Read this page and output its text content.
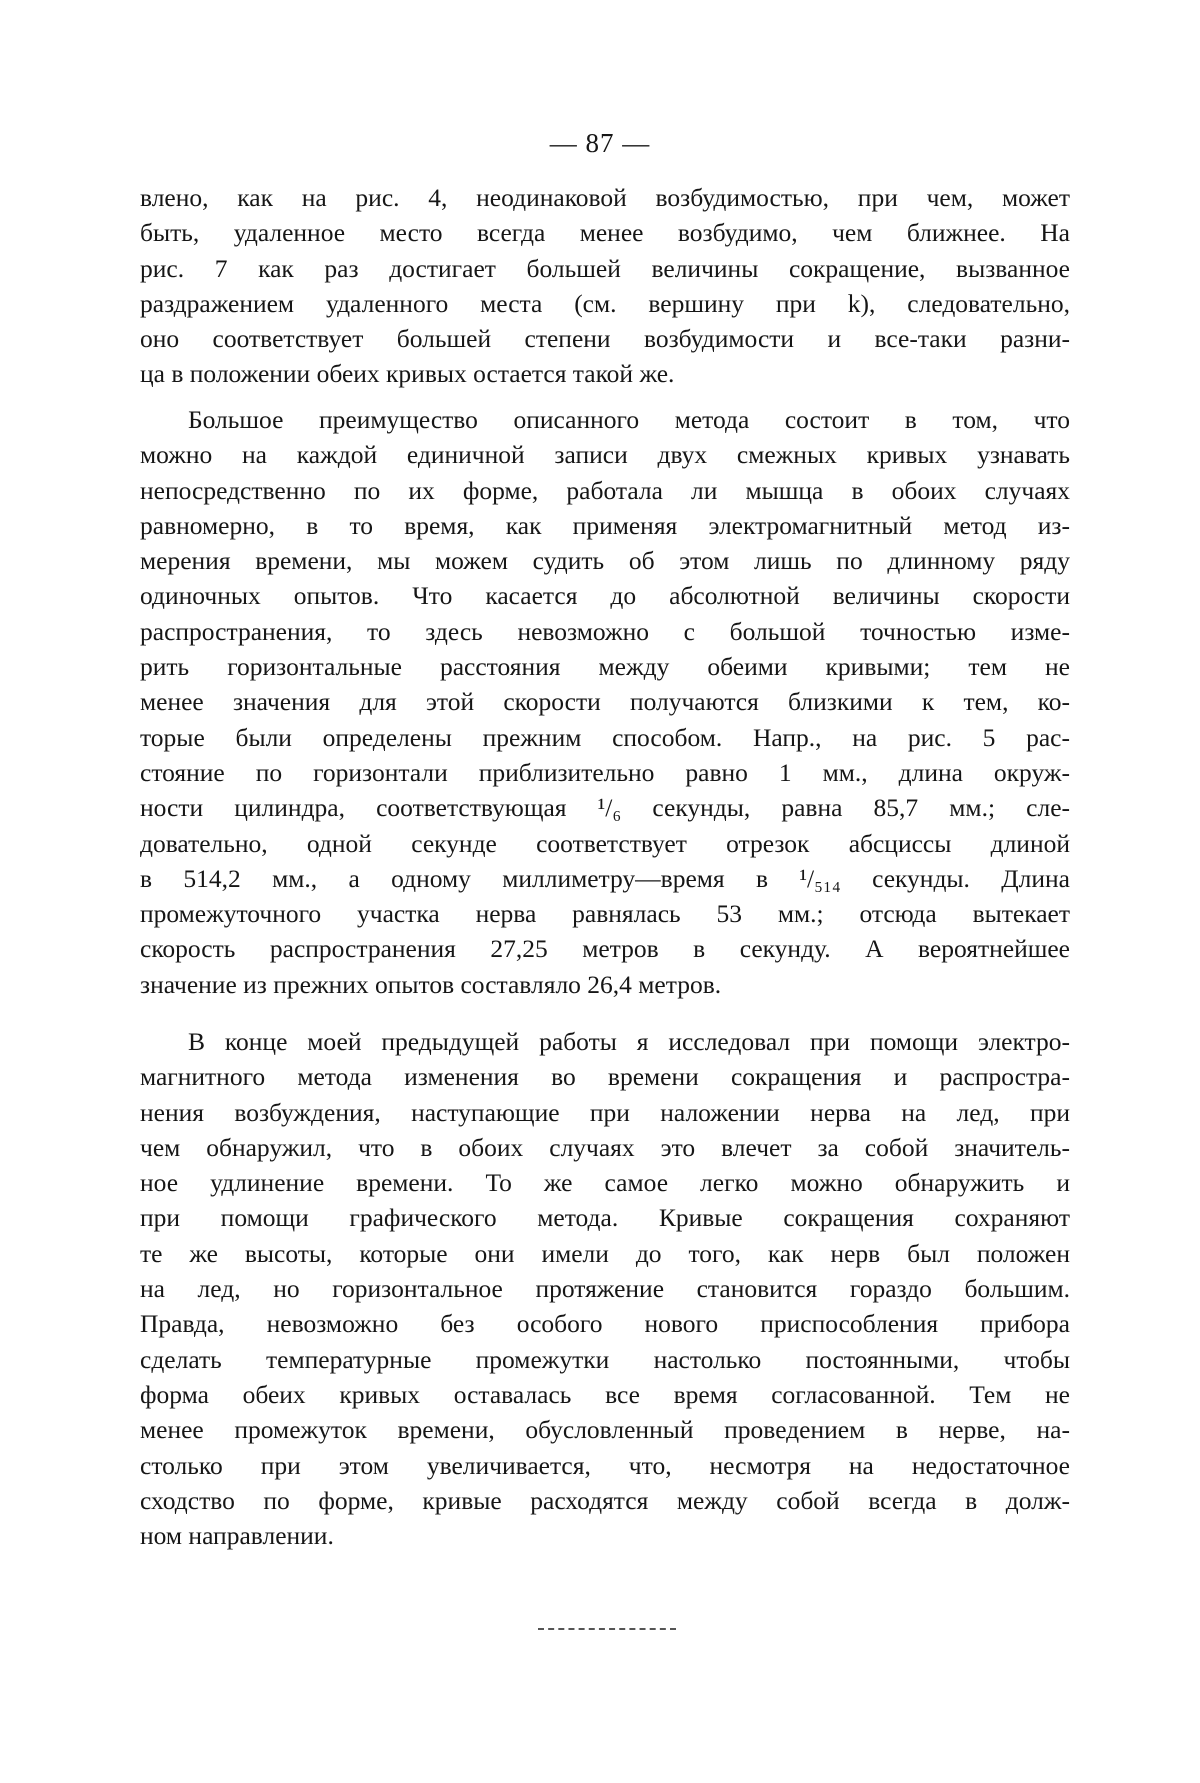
— 87 —
влено, как на рис. 4, неодинаковой возбудимостью, при чем, может
быть, удаленное место всегда менее возбудимо, чем ближнее. На
рис. 7 как раз достигает большей величины сокращение, вызванное
раздражением удаленного места (см. вершину при k), следовательно,
оно соответствует большей степени возбудимости и все-таки разни-
ца в положении обеих кривых остается такой же.
Большое преимущество описанного метода состоит в том, что
можно на каждой единичной записи двух смежных кривых узнавать
непосредственно по их форме, работала ли мышца в обоих случаях
равномерно, в то время, как применяя электромагнитный метод из-
мерения времени, мы можем судить об этом лишь по длинному ряду
одиночных опытов. Что касается до абсолютной величины скорости
распространения, то здесь невозможно с большой точностью изме-
рить горизонтальные расстояния между обеими кривыми; тем не
менее значения для этой скорости получаются близкими к тем, ко-
торые были определены прежним способом. Напр., на рис. 5 рас-
стояние по горизонтали приблизительно равно 1 мм., длина окруж-
ности цилиндра, соответствующая ¹/₆ секунды, равна 85,7 мм.; сле-
довательно, одной секунде соответствует отрезок абсциссы длиной
в 514,2 мм., а одному миллиметру—время в ¹/₅₁₄ секунды. Длина
промежуточного участка нерва равнялась 53 мм.; отсюда вытекает
скорость распространения 27,25 метров в секунду. А вероятнейшее
значение из прежних опытов составляло 26,4 метров.
В конце моей предыдущей работы я исследовал при помощи электро-
магнитного метода изменения во времени сокращения и распростра-
нения возбуждения, наступающие при наложении нерва на лед, при
чем обнаружил, что в обоих случаях это влечет за собой значитель-
ное удлинение времени. То же самое легко можно обнаружить и
при помощи графического метода. Кривые сокращения сохраняют
те же высоты, которые они имели до того, как нерв был положен
на лед, но горизонтальное протяжение становится гораздо большим.
Правда, невозможно без особого нового приспособления прибора
сделать температурные промежутки настолько постоянными, чтобы
форма обеих кривых оставалась все время согласованной. Тем не
менее промежуток времени, обусловленный проведением в нерве, на-
столько при этом увеличивается, что, несмотря на недостаточное
сходство по форме, кривые расходятся между собой всегда в долж-
ном направлении.
